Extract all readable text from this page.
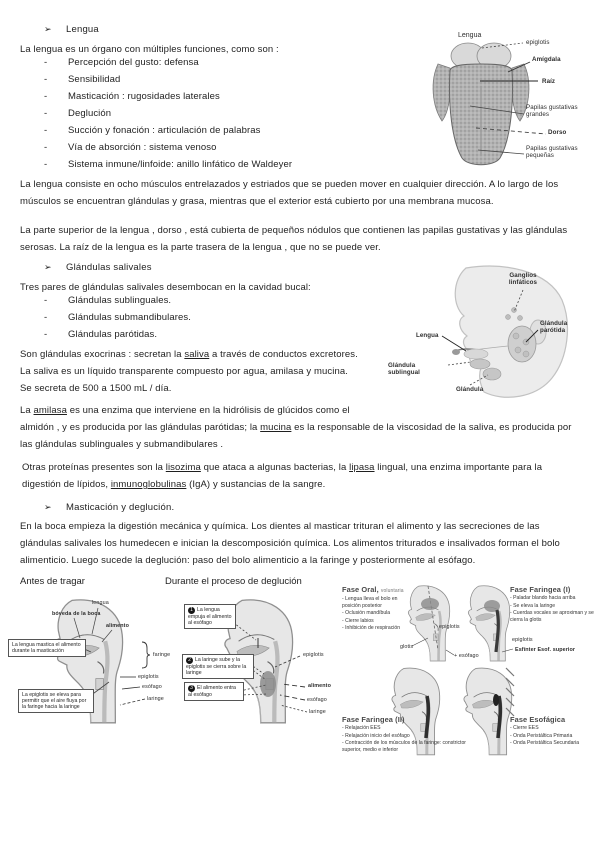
➢	Lengua
La lengua es un órgano con múltiples funciones, como son :
-	Percepción del gusto: defensa
-	Sensibilidad
-	Masticación : rugosidades laterales
-	Deglución
-	Succión y fonación : articulación de palabras
-	Vía de absorción : sistema venoso
-	Sistema inmune/linfoide: anillo linfático de Waldeyer
Lengua
epiglotis
Amígdala
Raíz
Papilas gustativas grandes
Dorso
Papilas gustativas pequeñas
La lengua consiste en ocho músculos entrelazados y estriados que se pueden mover en cualquier dirección. A lo largo de los músculos se encuentran glándulas y grasa, mientras que el exterior está cubierto por una membrana mucosa.
La parte superior de la lengua , dorso , está cubierta de pequeños nódulos que contienen las papilas gustativas y las glándulas serosas. La raíz de la lengua es la parte trasera de la lengua , que no se puede ver.
➢	Glándulas salivales
Tres pares de glándulas salivales desembocan en la cavidad bucal:
-	Glándulas sublinguales.
-	Glándulas submandibulares.
-	Glándulas parótidas.
Son glándulas exocrinas : secretan la saliva a través de conductos excretores.
La saliva es un líquido transparente compuesto por agua, amilasa y mucina.
Se secreta de 500 a 1500 mL / día.
Ganglios linfáticos
Glándula parótida
Lengua
Glándula sublingual
Glándula
La amilasa es una enzima que interviene en la hidrólisis de glúcidos como el
almidón , y es producida por las glándulas parótidas; la mucina es la responsable de la viscosidad de la saliva, es producida por las glándulas sublinguales y submandibulares .
Otras proteínas presentes son la lisozima que ataca a algunas bacterias, la lipasa lingual, una enzima importante para la digestión de lípidos, inmunoglobulinas (IgA) y sustancias de la sangre.
➢	Masticación y deglución.
En la boca empieza la digestión mecánica y química. Los dientes al masticar trituran el alimento y las secreciones de las glándulas salivales los humedecen e inician la descomposición química. Los alimentos triturados e insalivados forman el bolo alimenticio. Luego sucede la deglución: paso del bolo alimenticio a la faringe y posteriormente al esófago.
Antes de tragar	Durante el proceso de deglución
lengua
bóveda de la boca
alimento
La lengua mastica el alimento durante la masticación
La epiglotis se eleva para permitir que el aire fluya por la faringe hacia la laringe
faringe
epiglotis
esófago
laringe
1 La lengua empuja el alimento al esófago
2 La laringe sube y la epiglotis se cierra sobre la laringe
3 El alimento entra al esófago
epiglotis
alimento
esófago
laringe
Fase Oral, voluntaria
- Lengua lleva el bolo en posición posterior
- Oclusión mandíbula
- Cierre labios
- Inhibición de respiración
glotis
epiglotis
+ esófago
Fase Faringea (I)
- Paladar blando hacia arriba
- Se eleva la laringe
- Cuerdas vocales se aproximan y se cierra la glotis
epiglotis
Esfínter Esof. superior
Fase Faringea (II)
- Relajación EES
- Relajación inicio del esófago
- Contracción de los músculos de la faringe: constrictor superior, medio e inferior
Fase Esofágica
- Cierre EES
- Onda Peristáltica Primaria
- Onda Peristáltica Secundaria
